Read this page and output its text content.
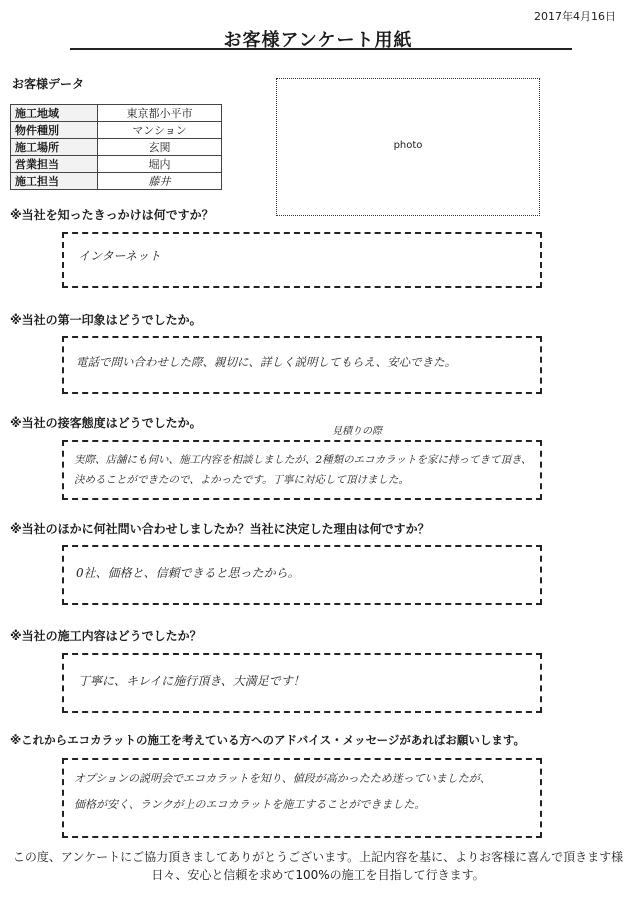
2017年4月16日
お客様アンケート用紙
お客様データ
施工地域	東京都小平市
物件種別	マンション
施工場所	玄関
営業担当	堀内
施工担当	藤井
photo
※当社を知ったきっかけは何ですか？
インターネット
※当社の第一印象はどうでしたか。
電話で問い合わせした際、親切に、詳しく説明してもらえ、安心できた。
※当社の接客態度はどうでしたか。
見積りの際
実際、店舗にも伺い、施工内容を相談しましたが、2種類のエコカラットを家に持ってきて頂き、
決めることができたので、よかったです。丁寧に対応して頂けました。
※当社のほかに何社問い合わせしましたか？当社に決定した理由は何ですか？
0社、価格と、信頼できると思ったから。
※当社の施工内容はどうでしたか？
丁寧に、キレイに施行頂き、大満足です！
※これからエコカラットの施工を考えている方へのアドバイス・メッセージがあればお願いします。
オプションの説明会でエコカラットを知り、値段が高かったため迷っていましたが、
価格が安く、ランクが上のエコカラットを施工することができました。
この度、アンケートにご協力頂きましてありがとうございます。上記内容を基に、よりお客様に喜んで頂きます様
日々、安心と信頼を求めて100%の施工を目指して行きます。
